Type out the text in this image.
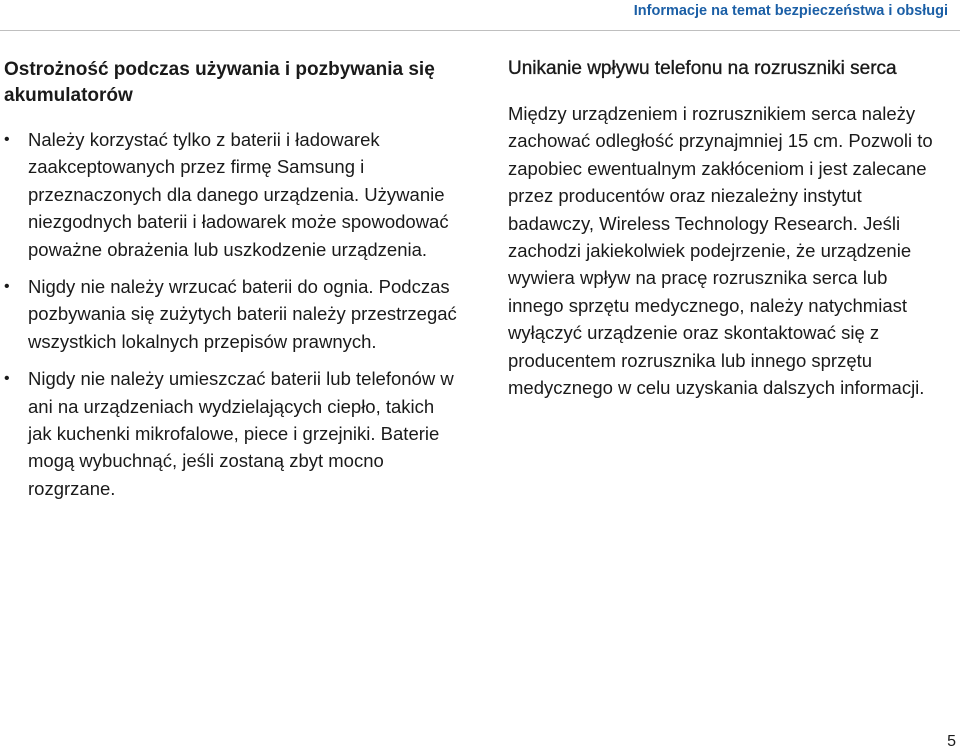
Informacje na temat bezpieczeństwa i obsługi
Ostrożność podczas używania i pozbywania się akumulatorów
• Należy korzystać tylko z baterii i ładowarek zaakceptowanych przez firmę Samsung i przeznaczonych dla danego urządzenia. Używanie niezgodnych baterii i ładowarek może spowodować poważne obrażenia lub uszkodzenie urządzenia.
• Nigdy nie należy wrzucać baterii do ognia. Podczas pozbywania się zużytych baterii należy przestrzegać wszystkich lokalnych przepisów prawnych.
• Nigdy nie należy umieszczać baterii lub telefonów w ani na urządzeniach wydzielających ciepło, takich jak kuchenki mikrofalowe, piece i grzejniki. Baterie mogą wybuchnąć, jeśli zostaną zbyt mocno rozgrzane.
Unikanie wpływu telefonu na rozruszniki serca

Między urządzeniem i rozrusznikiem serca należy zachować odległość przynajmniej 15 cm. Pozwoli to zapobiec ewentualnym zakłóceniom i jest zalecane przez producentów oraz niezależny instytut badawczy, Wireless Technology Research. Jeśli zachodzi jakiekolwiek podejrzenie, że urządzenie wywiera wpływ na pracę rozrusznika serca lub innego sprzętu medycznego, należy natychmiast wyłączyć urządzenie oraz skontaktować się z producentem rozrusznika lub innego sprzętu medycznego w celu uzyskania dalszych informacji.

5
